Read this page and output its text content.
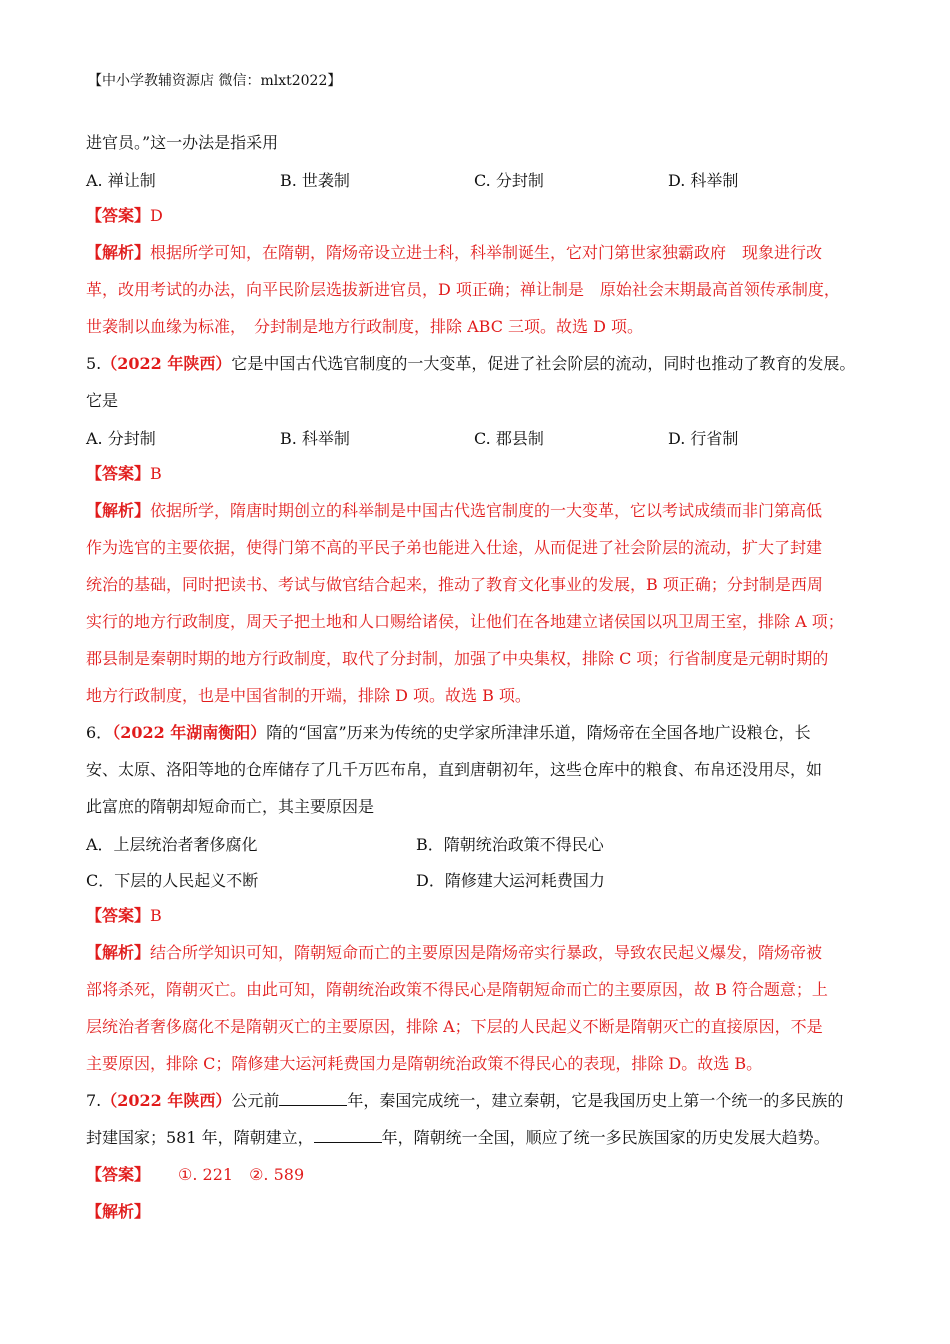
【中小学教辅资源店 微信：mlxt2022】

进官员。”这一办法是指采用

A. 禅让制	B. 世袭制	C. 分封制	D. 科举制

【答案】D

【解析】根据所学可知，在隋朝，隋炀帝设立进士科，科举制诞生，它对门第世家独霸政府　现象进行改

革，改用考试的办法，向平民阶层选拔新进官员，D 项正确；禅让制是　原始社会末期最高首领传承制度，

世袭制以血缘为标准，　分封制是地方行政制度，排除 ABC 三项。故选 D 项。

5.（2022 年陕西）它是中国古代选官制度的一大变革，促进了社会阶层的流动，同时也推动了教育的发展。

它是

A. 分封制	B. 科举制	C. 郡县制	D. 行省制

【答案】B

【解析】依据所学，隋唐时期创立的科举制是中国古代选官制度的一大变革，它以考试成绩而非门第高低

作为选官的主要依据，使得门第不高的平民子弟也能进入仕途，从而促进了社会阶层的流动，扩大了封建

统治的基础，同时把读书、考试与做官结合起来，推动了教育文化事业的发展，B 项正确；分封制是西周

实行的地方行政制度，周天子把土地和人口赐给诸侯，让他们在各地建立诸侯国以巩卫周王室，排除 A 项；

郡县制是秦朝时期的地方行政制度，取代了分封制，加强了中央集权，排除 C 项；行省制度是元朝时期的

地方行政制度，也是中国省制的开端，排除 D 项。故选 B 项。

6．（2022 年湖南衡阳）隋的“国富”历来为传统的史学家所津津乐道，隋炀帝在全国各地广设粮仓，长

安、太原、洛阳等地的仓库储存了几千万匹布帛，直到唐朝初年，这些仓库中的粮食、布帛还没用尽，如

此富庶的隋朝却短命而亡，其主要原因是

A．上层统治者奢侈腐化	B．隋朝统治政策不得民心
C．下层的人民起义不断	D．隋修建大运河耗费国力

【答案】B

【解析】结合所学知识可知，隋朝短命而亡的主要原因是隋炀帝实行暴政，导致农民起义爆发，隋炀帝被

部将杀死，隋朝灭亡。由此可知，隋朝统治政策不得民心是隋朝短命而亡的主要原因，故 B 符合题意；上

层统治者奢侈腐化不是隋朝灭亡的主要原因，排除 A；下层的人民起义不断是隋朝灭亡的直接原因，不是

主要原因，排除 C；隋修建大运河耗费国力是隋朝统治政策不得民心的表现，排除 D。故选 B。

7.（2022 年陕西）公元前	年，秦国完成统一，建立秦朝，它是我国历史上第一个统一的多民族的

封建国家；581 年，隋朝建立，	年，隋朝统一全国，顺应了统一多民族国家的历史发展大趋势。

【答案】 ①. 221 ②. 589

【解析】
